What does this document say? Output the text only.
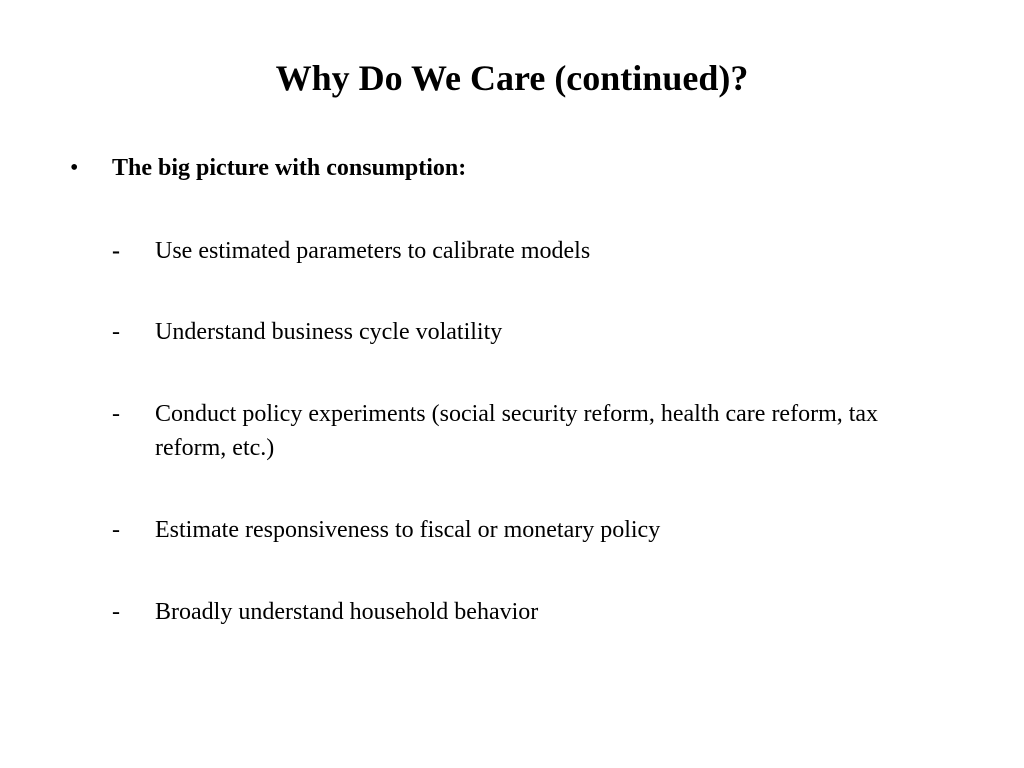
Why Do We Care (continued)?
• The big picture with consumption:
- Use estimated parameters to calibrate models
- Understand business cycle volatility
- Conduct policy experiments (social security reform, health care reform, tax reform, etc.)
- Estimate responsiveness to fiscal or monetary policy
- Broadly understand household behavior
